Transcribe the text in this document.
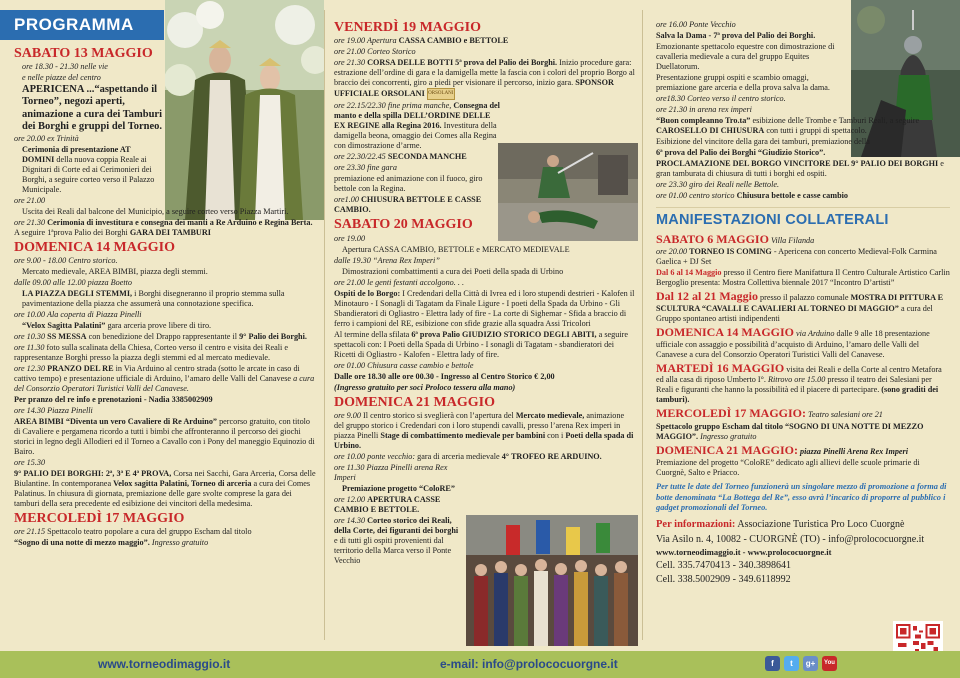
PROGRAMMA
SABATO 13 MAGGIO

ore 18.30 - 21.30 nelle vie

e nelle piazze del centro

APERICENA ...“aspettando il Torneo”, negozi aperti, animazione a cura dei Tamburi dei Borghi e gruppi del Torneo.

ore 20.00 ex Trinità

Cerimonia di presentazione AT DOMINI della nuova coppia Reale ai Dignitari di Corte ed ai Cerimonieri dei Borghi, a seguire corteo verso il Palazzo Municipale.

ore 21.00

Uscita dei Reali dal balcone del Municipio, a seguire corteo verso Piazza Martiri.

ore 21.30 Cerimonia di investitura e consegna dei manti a Re Arduino e Regina Berta. A seguire 1ªprova Palio dei Borghi GARA DEI TAMBURI

DOMENICA 14 MAGGIO

ore 9.00 - 18.00 Centro storico.

Mercato medievale, AREA BIMBI, piazza degli stemmi.

dalle 09.00 alle 12.00 piazza Boetto

LA PIAZZA DEGLI STEMMI, i Borghi disegneranno il proprio stemma sulla pavimentazione della piazza che assumerà una connotazione specifica.

ore 10.00 Ala coperta di Piazza Pinelli

“Velox Sagitta Palatini” gara arceria prove libere di tiro.

ore 10.30 SS MESSA con benedizione del Drappo rappresentante il 9° Palio dei Borghi.

ore 11.30 foto sulla scalinata della Chiesa, Corteo verso il centro e visita dei Reali e rappresentanze Borghi presso la piazza degli stemmi ed al mercato medievale.

ore 12.30 PRANZO DEL RE in Via Arduino al centro strada (sotto le arcate in caso di cattivo tempo) e presentazione ufficiale di Arduino, l’amaro delle Valli del Canavese a cura del Consorzio Operatori Turistici Valli del Canavese.

Per pranzo del re info e prenotazioni - Nadia 3385002909

ore 14.30 Piazza Pinelli

AREA BIMBI “Diventa un vero Cavaliere di Re Arduino” percorso gratuito, con titolo di Cavaliere e pergamena ricordo a tutti i bimbi che affronteranno il percorso dei giochi storici in legno degli Allodieri ed il Torneo a Cavallo con i Pony del maneggio Equinozio di Bairo.

ore 15.30

9° PALIO DEI BORGHI: 2ª, 3ª E 4ª PROVA, Corsa nei Sacchi, Gara Arceria, Corsa delle Biulantine. In contemporanea Velox sagitta Palatini, Torneo di arceria a cura dei Comes Palatinus. In chiusura di giornata, premiazione delle gare svolte comprese la gara dei tamburi della sera precedente ed esibizione dei vincitori della medesima.

MERCOLEDÌ 17 MAGGIO

ore 21.15 Spettacolo teatro popolare a cura del gruppo Escham dal titolo

“Sogno di una notte di mezzo maggio”. Ingresso gratuito

VENERDÌ 19 MAGGIO

ore 19.00 Apertura CASSA CAMBIO e BETTOLE

ore 21.00 Corteo Storico

ore 21.30 CORSA DELLE BOTTI 5ª prova del Palio dei Borghi. Inizio procedure gara: estrazione dell’ordine di gara e la damigella mette la fascia con i colori del proprio Borgo al braccio dei concorrenti, giro a piedi per visionare il percorso, inizio gara. SPONSOR UFFICIALE ORSOLANI ORSOLANI

ore 22.15/22.30 fine prima manche, Consegna del manto e della spilla DELL’ORDINE DELLE EX REGINE alla Regina 2016. Investitura della damigella beona, omaggio dei Comes alla Regina con dimostrazione d’arme.

ore 22.30/22.45 SECONDA MANCHE

ore 23.30 fine gara

premiazione ed animazione con il fuoco, giro bettole con la Regina.

ore1.00 CHIUSURA BETTOLE E CASSE CAMBIO.

SABATO 20 MAGGIO

ore 19.00

Apertura CASSA CAMBIO, BETTOLE e MERCATO MEDIEVALE

dalle 19.30 “Arena Rex Imperi”

Dimostrazioni combattimenti a cura dei Poeti della spada di Urbino

ore 21.00 le genti festanti accolgono. . .

Ospiti de lo Borgo: I Credendari della Città di Ivrea ed i loro stupendi destrieri - Kalofen il Minotauro - I Sonagli di Tagatam da Finale Ligure - I poeti della Spada da Urbino - Gli Sbandieratori di Ogliastro - Elettra lady of fire - La corte di Sighemar - Sfida a braccio di ferro i campioni del RE, esibizione con sfide grazie alla squadra Assi Tricolori

Al termine della sfilata 6ª prova Palio GIUDIZIO STORICO DEGLI ABITI, a seguire spettacoli con: I Poeti della Spada di Urbino - I sonagli di Tagatam - sbandieratori dei Ricetti di Ogliastro - Kalofen - Elettra lady of fire.

ore 01.00 Chiusura casse cambio e bettole

Dalle ore 18.30 alle ore 00.30 - Ingresso al Centro Storico € 2,00

(Ingresso gratuito per soci Proloco tessera alla mano)

DOMENICA 21 MAGGIO

ore 9.00 Il centro storico si sveglierà con l’apertura del Mercato medievale, animazione del gruppo storico i Credendari con i loro stupendi cavalli, presso l’arena Rex imperi in piazza Pinelli Stage di combattimento medievale per bambini con i Poeti della spada di Urbino.

ore 10.00 ponte vecchio: gara di arceria medievale 4° TROFEO RE ARDUINO.

ore 11.30 Piazza Pinelli arena Rex Imperi

Premiazione progetto “ColoRE”

ore 12.00 APERTURA CASSE CAMBIO E BETTOLE.

ore 14.30 Corteo storico dei Reali, della Corte, dei figuranti dei borghi e di tutti gli ospiti provenienti dal territorio della Marca verso il Ponte Vecchio

ore 16.00 Ponte Vecchio

Salva la Dama - 7ª prova del Palio dei Borghi.

Emozionante spettacolo equestre con dimostrazione di cavalleria medievale a cura del gruppo Equites Duellatorum.

Presentazione gruppi ospiti e scambio omaggi, premiazione gare arceria e della prova salva la dama.

ore18.30 Corteo verso il centro storico.

ore 21.30 in arena rex imperi

“Buon compleanno Tro.ta” esibizione delle Trombe e Tamburi Reali, a seguire CAROSELLO DI CHIUSURA con tutti i gruppi di spettacolo.

Esibizione del vincitore della gara dei tamburi, premiazione della

6ª prova del Palio dei Borghi “Giudizio Storico”.

PROCLAMAZIONE DEL BORGO VINCITORE DEL 9° PALIO DEI BORGHI e gran tamburata di chiusura di tutti i borghi ed ospiti.

ore 23.30 giro dei Reali nelle Bettole.

ore 01.00 centro storico Chiusura bettole e casse cambio

MANIFESTAZIONI COLLATERALI

SABATO 6 MAGGIO Villa Filanda

ore 20.00 TORNEO IS COMING - Apericena con concerto Medieval-Folk Carmina Gaelica + DJ Set

Dal 6 al 14 Maggio presso il Centro fiere Manifattura Il Centro Culturale Artistico Carlin Bergoglio presenta: Mostra Collettiva biennale 2017 “Incontro D’artisti”

Dal 12 al 21 Maggio presso il palazzo comunale MOSTRA DI PITTURA E SCULTURA “CAVALLI E CAVALIERI AL TORNEO DI MAGGIO” a cura del Gruppo spontaneo artisti indipendenti

DOMENICA 14 MAGGIO via Arduino dalle 9 alle 18 presentazione ufficiale con assaggio e possibilità d’acquisto di Arduino, l’amaro delle Valli del Canavese a cura del Consorzio Operatori Turistici Valli del Canavese.

MARTEDÌ 16 MAGGIO visita dei Reali e della Corte al centro Metafora ed alla casa di riposo Umberto I°. Ritrovo ore 15.00 presso il teatro dei Salesiani per Reali e figuranti che hanno la possibilità ed il piacere di partecipare. (sono graditi dei tamburi).

MERCOLEDÌ 17 MAGGIO: Teatro salesiani ore 21

Spettacolo gruppo Escham dal titolo “SOGNO DI UNA NOTTE DI MEZZO MAGGIO”. Ingresso gratuito

DOMENICA 21 MAGGIO: piazza Pinelli Arena Rex Imperi

Premiazione del progetto “ColoRE” dedicato agli allievi delle scuole primarie di Cuorgnè, Salto e Priacco.

Per tutte le date del Torneo funzionerà un singolare mezzo di promozione a forma di botte denominata “La Bottega del Re”, esso avrà l’incarico di proporre al pubblico i gadget promozionali del Torneo.

Per informazioni: Associazione Turistica Pro Loco Cuorgnè

Via Asilo n. 4, 10082 - CUORGNÈ (TO) - info@prolococuorgne.it

www.torneodimaggio.it - www.prolococuorgne.it

Cell. 335.7470413 - 340.3898641

Cell. 338.5002909 - 349.6118992

www.torneodimaggio.it	e-mail: info@prolococuorgne.it	f	t	g+	You
